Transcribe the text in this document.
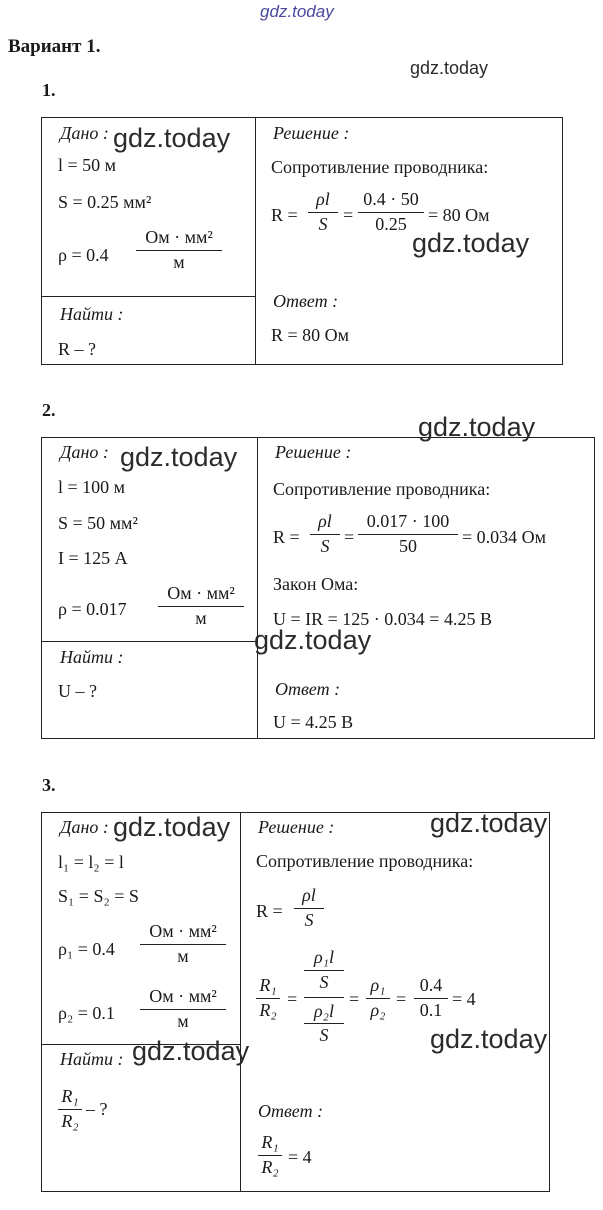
gdz.today
Вариант 1.
gdz.today
1.
Дано :
l = 50 м
S = 0.25 мм²
ρ = 0.4
Ом · мм²
м
Найти :
R – ?
Решение :
Сопротивление проводника:
R =
ρl
S =
0.4 · 50
0.25 = 80 Ом
gdz.today
Ответ :
R = 80 Ом
gdz.today
2.
Дано :
l = 100 м
S = 50 мм²
I = 125 А
ρ = 0.017
Ом · мм²
м
Найти :
U – ?
Решение :
Сопротивление проводника:
R =
ρl
S =
0.017 · 100
50	= 0.034 Ом
Закон Ома:
U = IR = 125 · 0.034 = 4.25 В
Ответ :
U = 4.25 В
gdz.today
gdz.today
gdz.today
3.
Дано :
l₁ = l₂ = l
S₁ = S₂ = S
ρ₁ = 0.4
Ом · мм²
м
ρ₂ = 0.1
Ом · мм²
м
Найти :
R₁
R₂
– ?
Решение :
Сопротивление проводника:
R =
ρl
S
R₁
R₂
=
ρ₁l
S
ρ₂l
S
=
ρ₁
ρ₂
=
0.4
0.1
= 4
Ответ :
R₁
R₂ = 4
gdz.today
gdz.today
gdz.today	gdz.today
